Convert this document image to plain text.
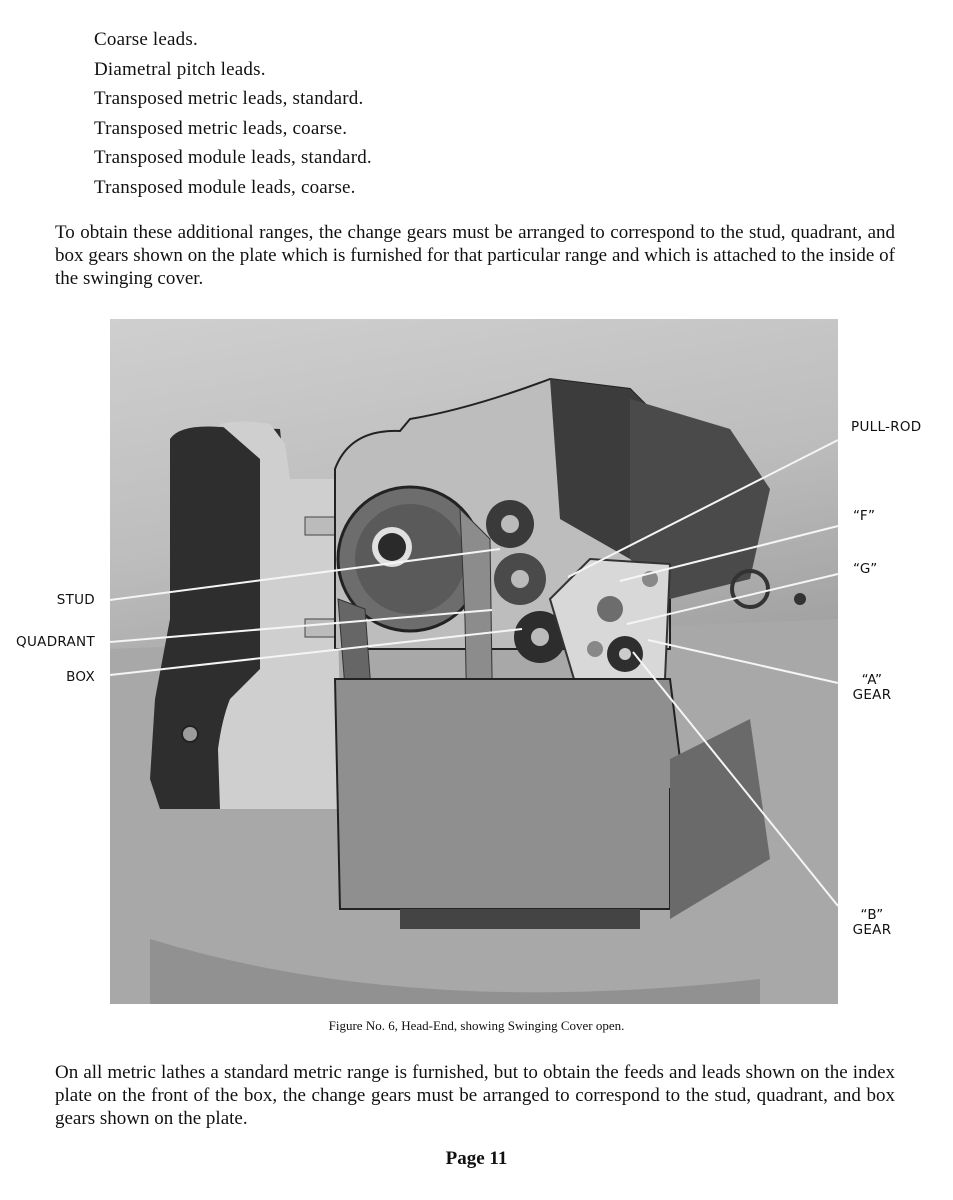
Coarse leads.
Diametral pitch leads.
Transposed metric leads, standard.
Transposed metric leads, coarse.
Transposed module leads, standard.
Transposed module leads, coarse.

To obtain these additional ranges, the change gears must be arranged to correspond to the stud, quadrant, and box gears shown on the plate which is furnished for that particular range and which is attached to the inside of the swinging cover.

STUD
QUADRANT
BOX
PULL-ROD
“F”
“G”
“A”
GEAR
“B”
GEAR
Figure No. 6, Head-End, showing Swinging Cover open.

On all metric lathes a standard metric range is furnished, but to obtain the feeds and leads shown on the index plate on the front of the box, the change gears must be arranged to correspond to the stud, quadrant, and box gears shown on the plate.

Page 11
